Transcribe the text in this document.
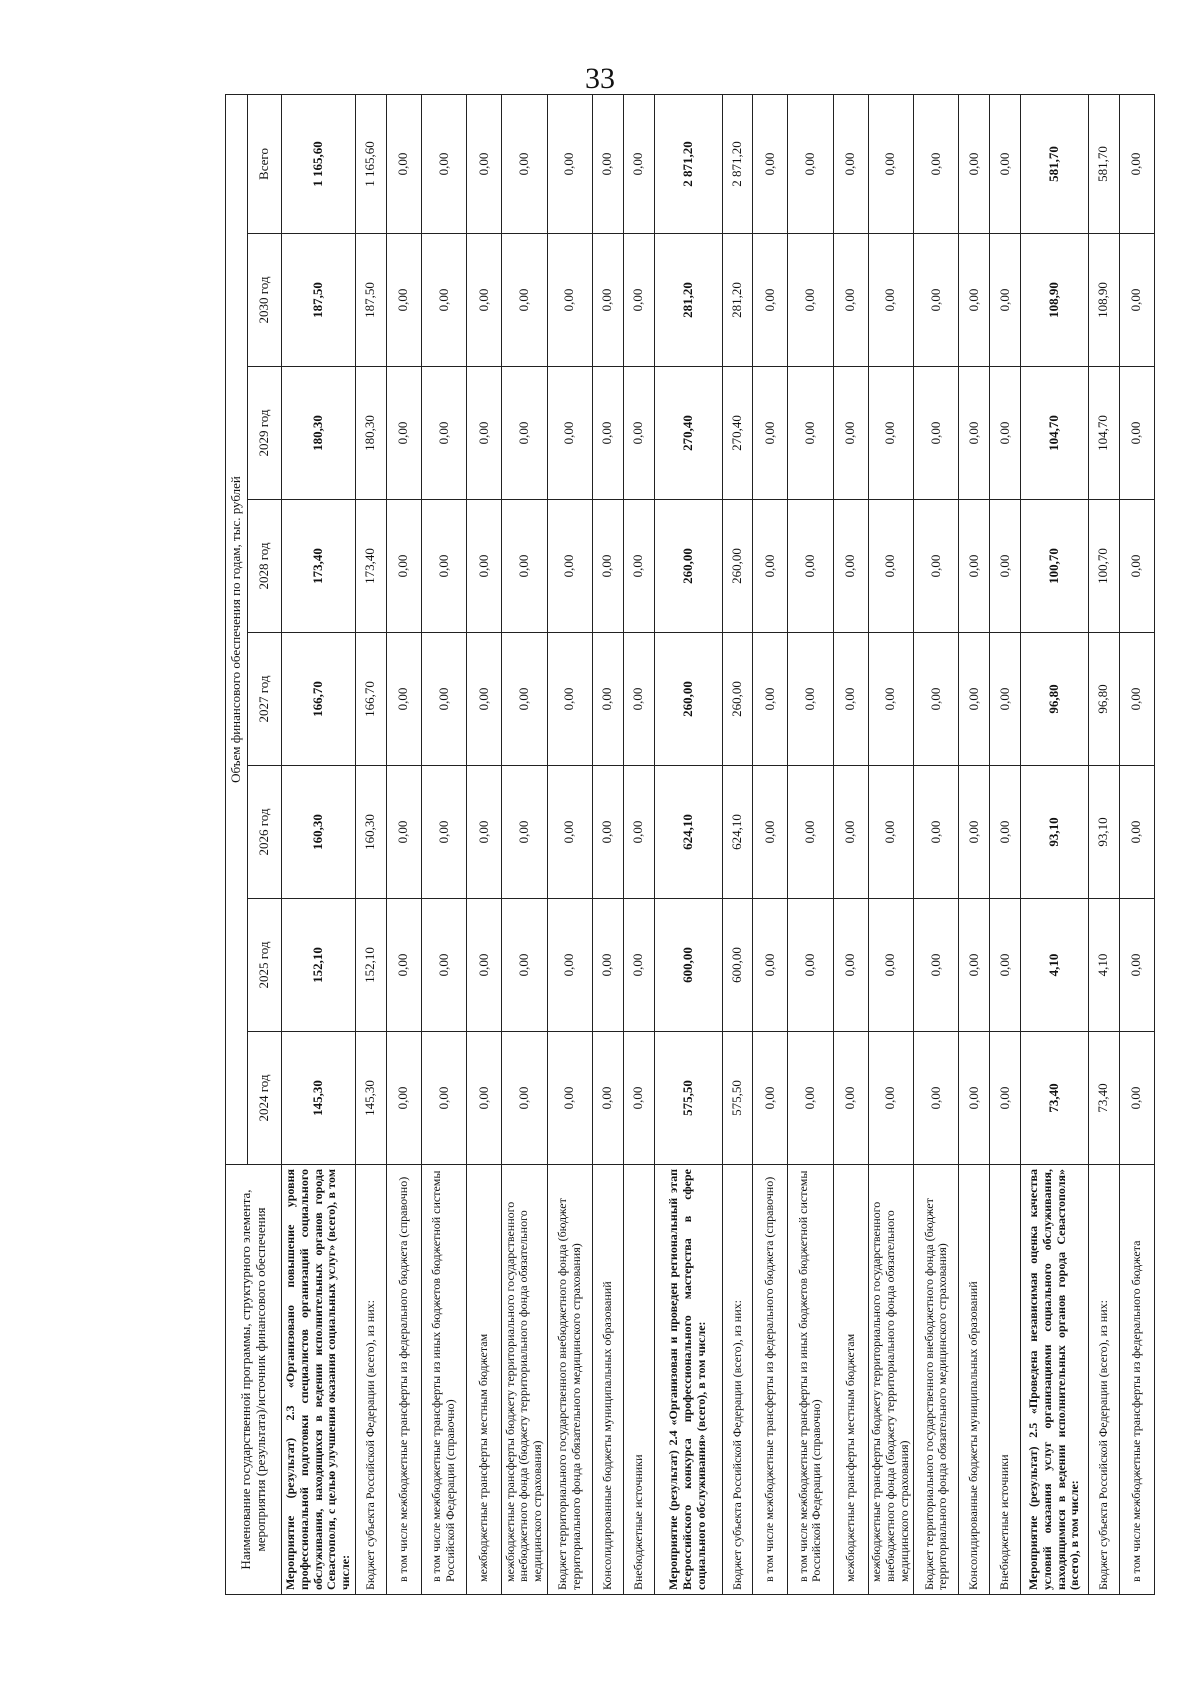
33
Наименование государственной программы, структурного элемента, мероприятия (результата)/источник финансового обеспечения	Объем финансового обеспечения по годам, тыс. рублей							
	2024 год	2025 год	2026 год	2027 год	2028 год	2029 год	2030 год	Всего
Мероприятие (результат) 2.3 «Организовано повышение уровня профессиональной подготовки специалистов организаций социального обслуживания, находящихся в ведении исполнительных органов города Севастополя, с целью улучшения оказания социальных услуг» (всего), в том числе:	145,30	152,10	160,30	166,70	173,40	180,30	187,50	1 165,60
Бюджет субъекта Российской Федерации (всего), из них:	145,30	152,10	160,30	166,70	173,40	180,30	187,50	1 165,60
в том числе межбюджетные трансферты из федерального бюджета (справочно)	0,00	0,00	0,00	0,00	0,00	0,00	0,00	0,00
в том числе межбюджетные трансферты из иных бюджетов бюджетной системы Российской Федерации (справочно)	0,00	0,00	0,00	0,00	0,00	0,00	0,00	0,00
межбюджетные трансферты местным бюджетам	0,00	0,00	0,00	0,00	0,00	0,00	0,00	0,00
межбюджетные трансферты бюджету территориального государственного внебюджетного фонда (бюджету территориального фонда обязательного медицинского страхования)	0,00	0,00	0,00	0,00	0,00	0,00	0,00	0,00
Бюджет территориального государственного внебюджетного фонда (бюджет территориального фонда обязательного медицинского страхования)	0,00	0,00	0,00	0,00	0,00	0,00	0,00	0,00
Консолидированные бюджеты муниципальных образований	0,00	0,00	0,00	0,00	0,00	0,00	0,00	0,00
Внебюджетные источники	0,00	0,00	0,00	0,00	0,00	0,00	0,00	0,00
Мероприятие (результат) 2.4 «Организован и проведен региональный этап Всероссийского конкурса профессионального мастерства в сфере социального обслуживания» (всего), в том числе:	575,50	600,00	624,10	260,00	260,00	270,40	281,20	2 871,20
Бюджет субъекта Российской Федерации (всего), из них:	575,50	600,00	624,10	260,00	260,00	270,40	281,20	2 871,20
в том числе межбюджетные трансферты из федерального бюджета (справочно)	0,00	0,00	0,00	0,00	0,00	0,00	0,00	0,00
в том числе межбюджетные трансферты из иных бюджетов бюджетной системы Российской Федерации (справочно)	0,00	0,00	0,00	0,00	0,00	0,00	0,00	0,00
межбюджетные трансферты местным бюджетам	0,00	0,00	0,00	0,00	0,00	0,00	0,00	0,00
межбюджетные трансферты бюджету территориального государственного внебюджетного фонда (бюджету территориального фонда обязательного медицинского страхования)	0,00	0,00	0,00	0,00	0,00	0,00	0,00	0,00
Бюджет территориального государственного внебюджетного фонда (бюджет территориального фонда обязательного медицинского страхования)	0,00	0,00	0,00	0,00	0,00	0,00	0,00	0,00
Консолидированные бюджеты муниципальных образований	0,00	0,00	0,00	0,00	0,00	0,00	0,00	0,00
Внебюджетные источники	0,00	0,00	0,00	0,00	0,00	0,00	0,00	0,00
Мероприятие (результат) 2.5 «Проведена независимая оценка качества условий оказания услуг организациями социального обслуживания, находящимися в ведении исполнительных органов города Севастополя» (всего), в том числе:	73,40	4,10	93,10	96,80	100,70	104,70	108,90	581,70
Бюджет субъекта Российской Федерации (всего), из них:	73,40	4,10	93,10	96,80	100,70	104,70	108,90	581,70
в том числе межбюджетные трансферты из федерального бюджета	0,00	0,00	0,00	0,00	0,00	0,00	0,00	0,00
